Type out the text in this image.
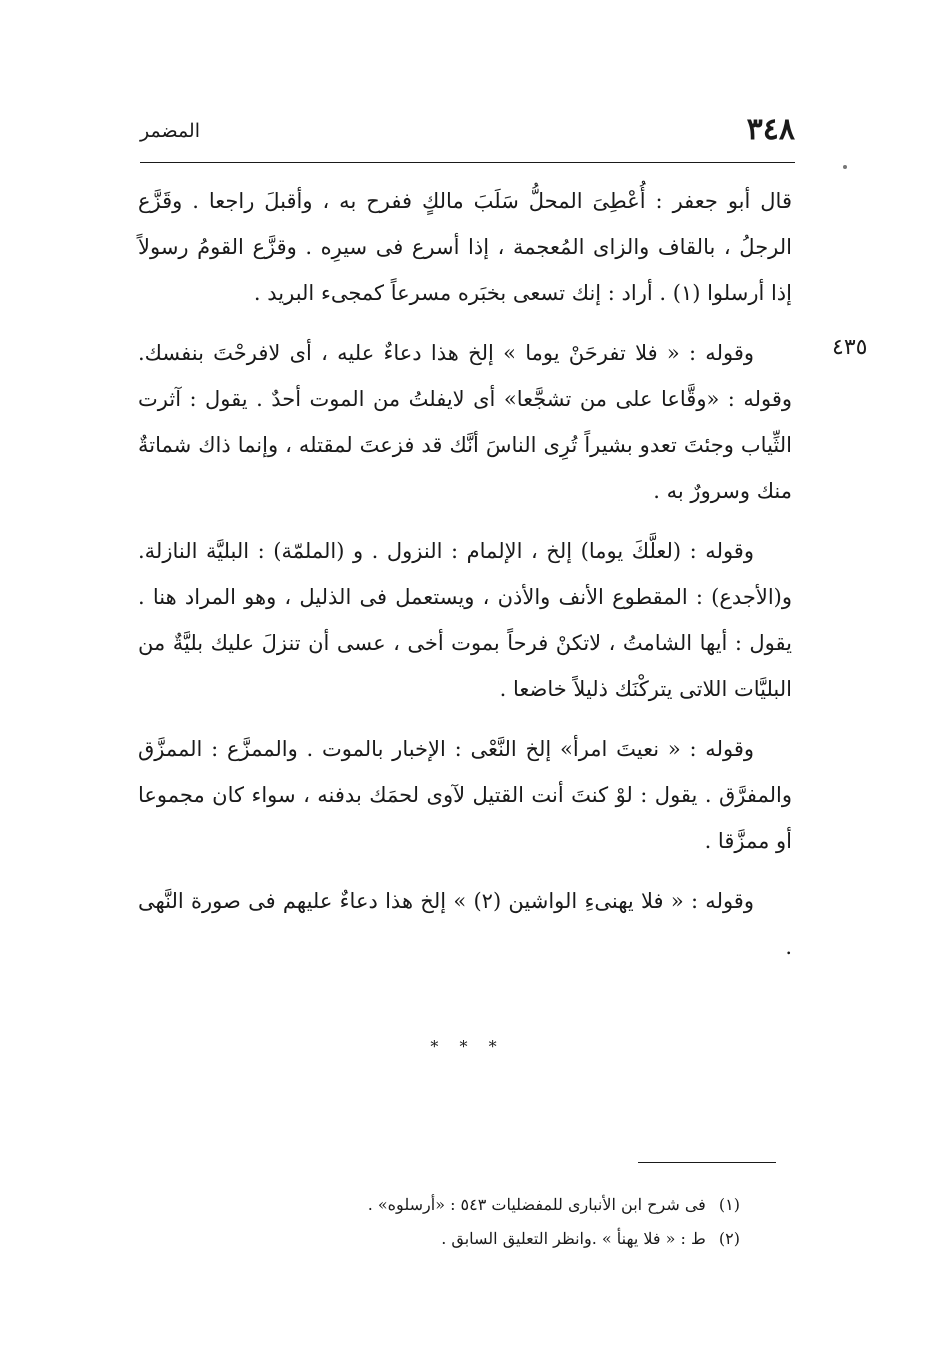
٣٤٨
المضمر
٤٣٥

قال أبو جعفر : أُعْطِىَ المحلُّ سَلَبَ مالكٍ ففرح به ، وأقبلَ راجعا . وقَزَّع الرجلُ ، بالقاف والزاى المُعجمة ، إذا أسرع فى سيرِه . وقزَّع القومُ رسولاً إذا أرسلوا (١) . أراد : إنك تسعى بخبَره مسرعاً كمجىء البريد .

وقوله : « فلا تفرحَنْ يوما » إلخ هذا دعاءٌ عليه ، أى لافرحْتَ بنفسك. وقوله : «وقَّاعا على من تشجَّعا» أى لايفلتُ من الموت أحدٌ . يقول : آثرت الثِّياب وجئتَ تعدو بشيراً تُرِى الناسَ أنَّك قد فزعتَ لمقتله ، وإنما ذاك شماتةٌ منك وسرورٌ به .

وقوله : (لعلَّكَ يوما) إلخ ، الإلمام : النزول . و (الملمّة) : البليَّة النازلة. و(الأجدع) : المقطوع الأنف والأذن ، ويستعمل فى الذليل ، وهو المراد هنا . يقول : أيها الشامتُ ، لاتكنْ فرحاً بموت أخى ، عسى أن تنزلَ عليك بليَّةٌ من البليَّات اللاتى يتركْنَك ذليلاً خاضعا .

وقوله : « نعيتَ امرأ» إلخ النَّعْى : الإخبار بالموت . والممزَّع : الممزَّق والمفرَّق . يقول : لوْ كنتَ أنت القتيل لآوى لحمَك بدفنه ، سواء كان مجموعا أو ممزَّقا .

وقوله : « فلا يهنىءِ الواشين (٢) » إلخ هذا دعاءٌ عليهم فى صورة النَّهى .

* * *

(١) فى شرح ابن الأنبارى للمفضليات ٥٤٣ : «أرسلوه» .

(٢) ط : « فلا يهنأ » .وانظر التعليق السابق .
